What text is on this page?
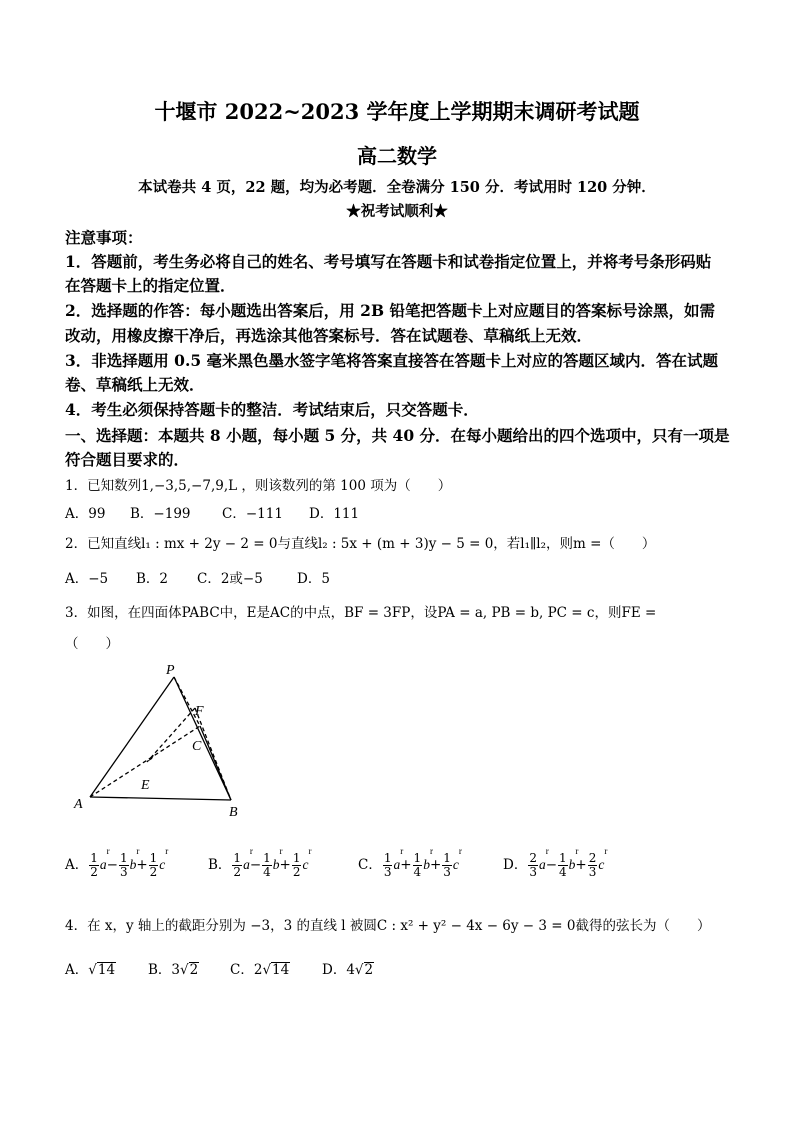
十堰市 2022~2023 学年度上学期期末调研考试题
高二数学
本试卷共 4 页，22 题，均为必考题．全卷满分 150 分．考试用时 120 分钟．
★祝考试顺利★
注意事项：
1．答题前，考生务必将自己的姓名、考号填写在答题卡和试卷指定位置上，并将考号条形码贴
在答题卡上的指定位置．
2．选择题的作答：每小题选出答案后，用 2B 铅笔把答题卡上对应题目的答案标号涂黑，如需
改动，用橡皮擦干净后，再选涂其他答案标号．答在试题卷、草稿纸上无效．
3．非选择题用 0.5 毫米黑色墨水签字笔将答案直接答在答题卡上对应的答题区域内．答在试题
卷、草稿纸上无效．
4．考生必须保持答题卡的整洁．考试结束后，只交答题卡．
一、选择题：本题共 8 小题，每小题 5 分，共 40 分．在每小题给出的四个选项中，只有一项是
符合题目要求的．
1．已知数列1,−3,5,−7,9,L ，则该数列的第 100 项为（　　）
A．99 B．−199 C．−111 D．111
2．已知直线l₁ : mx + 2y − 2 = 0与直线l₂ : 5x + (m + 3)y − 5 = 0，若l₁∥l₂，则m =（　　）
A．−5 B．2 C．2或−5	D．5
3．如图，在四面体PABC中，E是AC的中点，BF = 3FP，设PA = a, PB = b, PC = c，则FE =
（　　）
P
F
C
E
A
B
A． $\frac{1}{2}$ r $a- \frac{1}{3}$ r $b+ \frac{1}{2}$ r c	B． $\frac{1}{2}$ r $a- \frac{1}{4}$ r $b+ \frac{1}{2}$ r c	C． $\frac{1}{3}$ r $a+ \frac{1}{4}$ r $b+ \frac{1}{3}$ r c	D． $\frac{2}{3}$ r $a- \frac{1}{4}$ r $b+ \frac{2}{3}$ r c
4．在 x，y 轴上的截距分别为 −3，3 的直线 l 被圆C : x² + y² − 4x − 6y − 3 = 0截得的弦长为（　　）
A．√14 B．3√2 C．2√14 D．4√2
